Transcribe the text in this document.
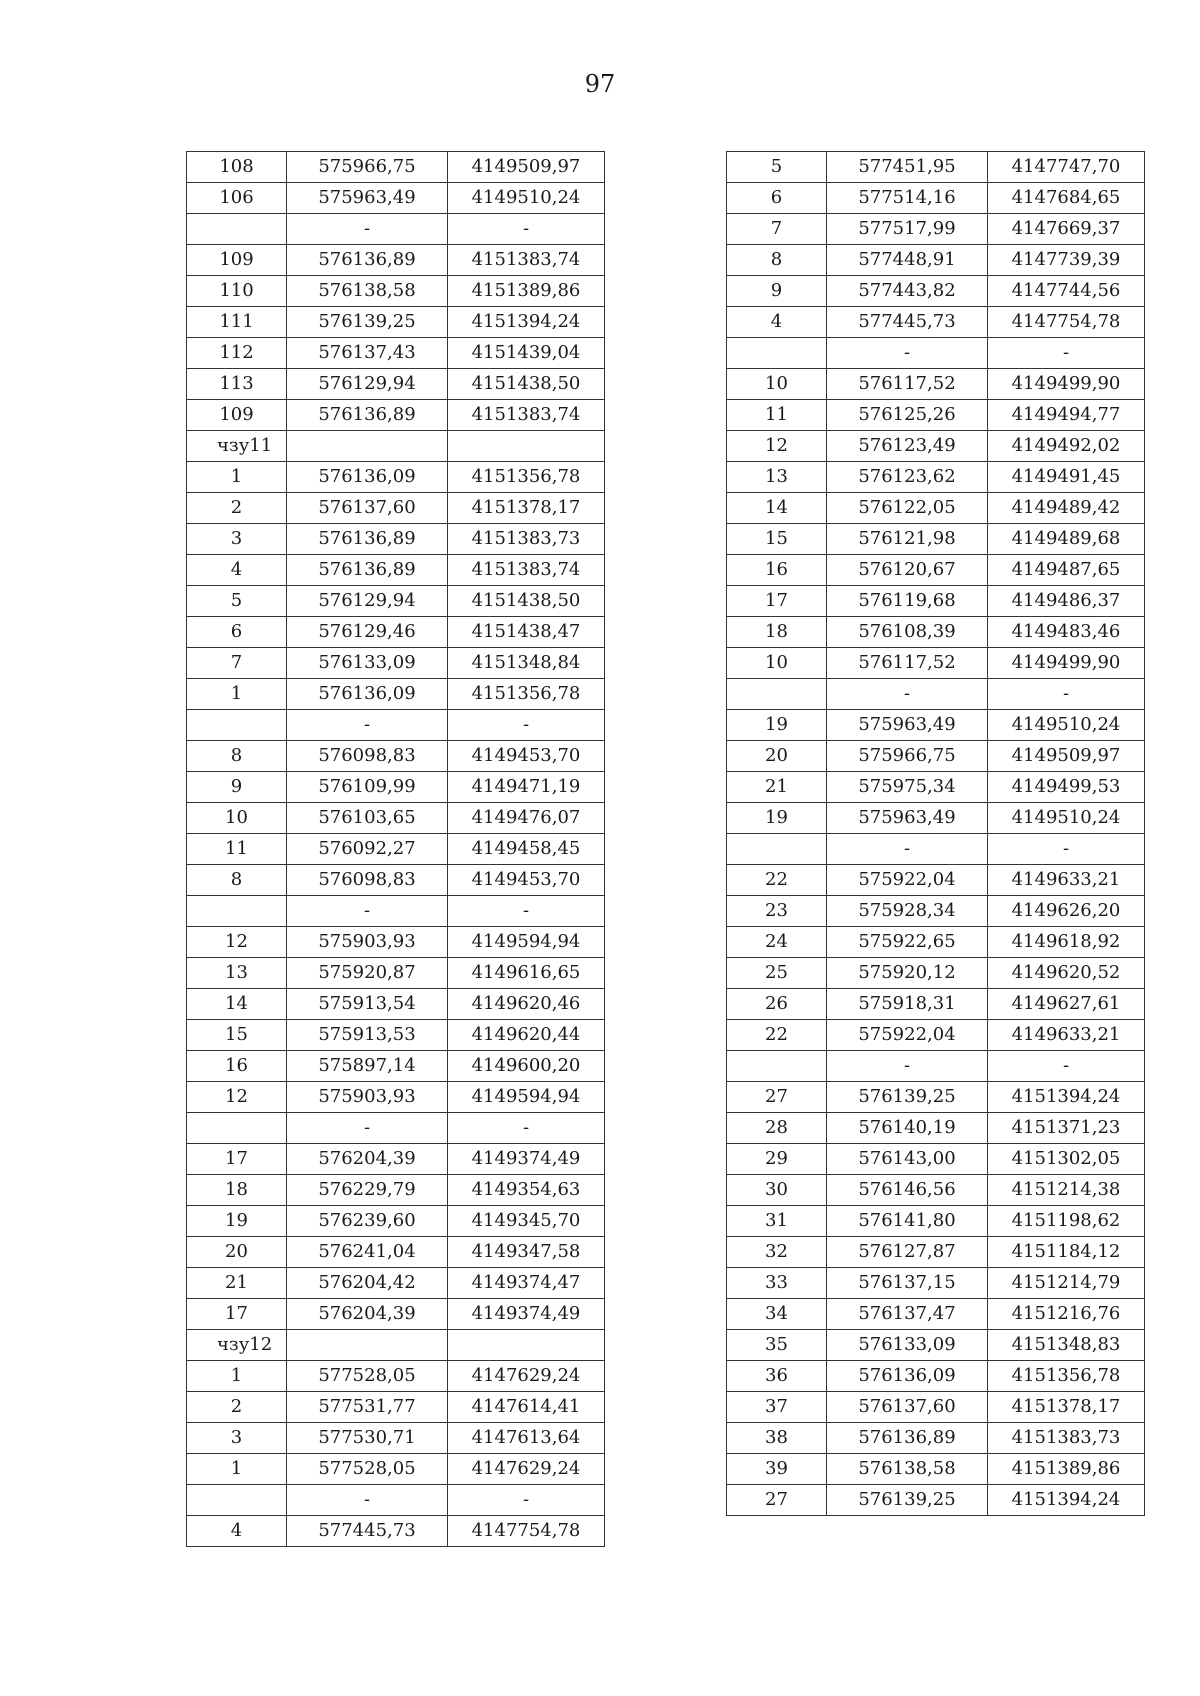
97
108	575966,75	4149509,97
106	575963,49	4149510,24
	-	-
109	576136,89	4151383,74
110	576138,58	4151389,86
111	576139,25	4151394,24
112	576137,43	4151439,04
113	576129,94	4151438,50
109	576136,89	4151383,74
чзу11		
1	576136,09	4151356,78
2	576137,60	4151378,17
3	576136,89	4151383,73
4	576136,89	4151383,74
5	576129,94	4151438,50
6	576129,46	4151438,47
7	576133,09	4151348,84
1	576136,09	4151356,78
	-	-
8	576098,83	4149453,70
9	576109,99	4149471,19
10	576103,65	4149476,07
11	576092,27	4149458,45
8	576098,83	4149453,70
	-	-
12	575903,93	4149594,94
13	575920,87	4149616,65
14	575913,54	4149620,46
15	575913,53	4149620,44
16	575897,14	4149600,20
12	575903,93	4149594,94
	-	-
17	576204,39	4149374,49
18	576229,79	4149354,63
19	576239,60	4149345,70
20	576241,04	4149347,58
21	576204,42	4149374,47
17	576204,39	4149374,49
чзу12		
1	577528,05	4147629,24
2	577531,77	4147614,41
3	577530,71	4147613,64
1	577528,05	4147629,24
	-	-
4	577445,73	4147754,78
5	577451,95	4147747,70
6	577514,16	4147684,65
7	577517,99	4147669,37
8	577448,91	4147739,39
9	577443,82	4147744,56
4	577445,73	4147754,78
	-	-
10	576117,52	4149499,90
11	576125,26	4149494,77
12	576123,49	4149492,02
13	576123,62	4149491,45
14	576122,05	4149489,42
15	576121,98	4149489,68
16	576120,67	4149487,65
17	576119,68	4149486,37
18	576108,39	4149483,46
10	576117,52	4149499,90
	-	-
19	575963,49	4149510,24
20	575966,75	4149509,97
21	575975,34	4149499,53
19	575963,49	4149510,24
	-	-
22	575922,04	4149633,21
23	575928,34	4149626,20
24	575922,65	4149618,92
25	575920,12	4149620,52
26	575918,31	4149627,61
22	575922,04	4149633,21
	-	-
27	576139,25	4151394,24
28	576140,19	4151371,23
29	576143,00	4151302,05
30	576146,56	4151214,38
31	576141,80	4151198,62
32	576127,87	4151184,12
33	576137,15	4151214,79
34	576137,47	4151216,76
35	576133,09	4151348,83
36	576136,09	4151356,78
37	576137,60	4151378,17
38	576136,89	4151383,73
39	576138,58	4151389,86
27	576139,25	4151394,24
